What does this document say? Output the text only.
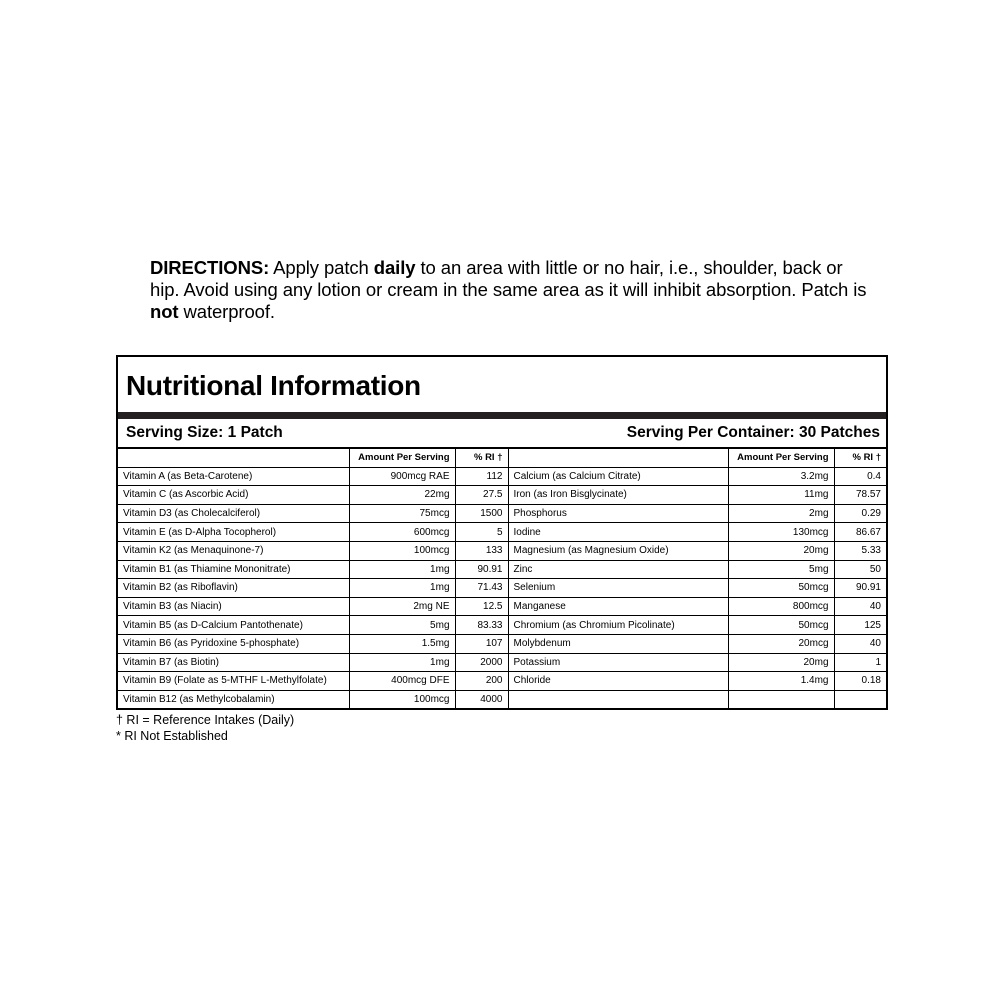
DIRECTIONS: Apply patch daily to an area with little or no hair, i.e., shoulder, back or hip. Avoid using any lotion or cream in the same area as it will inhibit absorption. Patch is not waterproof.
Nutritional Information
Serving Size: 1 Patch	Serving Per Container: 30 Patches
	Amount Per Serving	% RI †		Amount Per Serving	% RI †
Vitamin A (as Beta-Carotene)	900mcg RAE	112	Calcium (as Calcium Citrate)	3.2mg	0.4
Vitamin C (as Ascorbic Acid)	22mg	27.5	Iron (as Iron Bisglycinate)	11mg	78.57
Vitamin D3 (as Cholecalciferol)	75mcg	1500	Phosphorus	2mg	0.29
Vitamin E (as D-Alpha Tocopherol)	600mcg	5	Iodine	130mcg	86.67
Vitamin K2 (as Menaquinone-7)	100mcg	133	Magnesium (as Magnesium Oxide)	20mg	5.33
Vitamin B1 (as Thiamine Mononitrate)	1mg	90.91	Zinc	5mg	50
Vitamin B2 (as Riboflavin)	1mg	71.43	Selenium	50mcg	90.91
Vitamin B3 (as Niacin)	2mg NE	12.5	Manganese	800mcg	40
Vitamin B5 (as D-Calcium Pantothenate)	5mg	83.33	Chromium (as Chromium Picolinate)	50mcg	125
Vitamin B6 (as Pyridoxine 5-phosphate)	1.5mg	107	Molybdenum	20mcg	40
Vitamin B7 (as Biotin)	1mg	2000	Potassium	20mg	1
Vitamin B9 (Folate as 5-MTHF L-Methylfolate)	400mcg DFE	200	Chloride	1.4mg	0.18
Vitamin B12 (as Methylcobalamin)	100mcg	4000			
† RI = Reference Intakes (Daily)
* RI Not Established
